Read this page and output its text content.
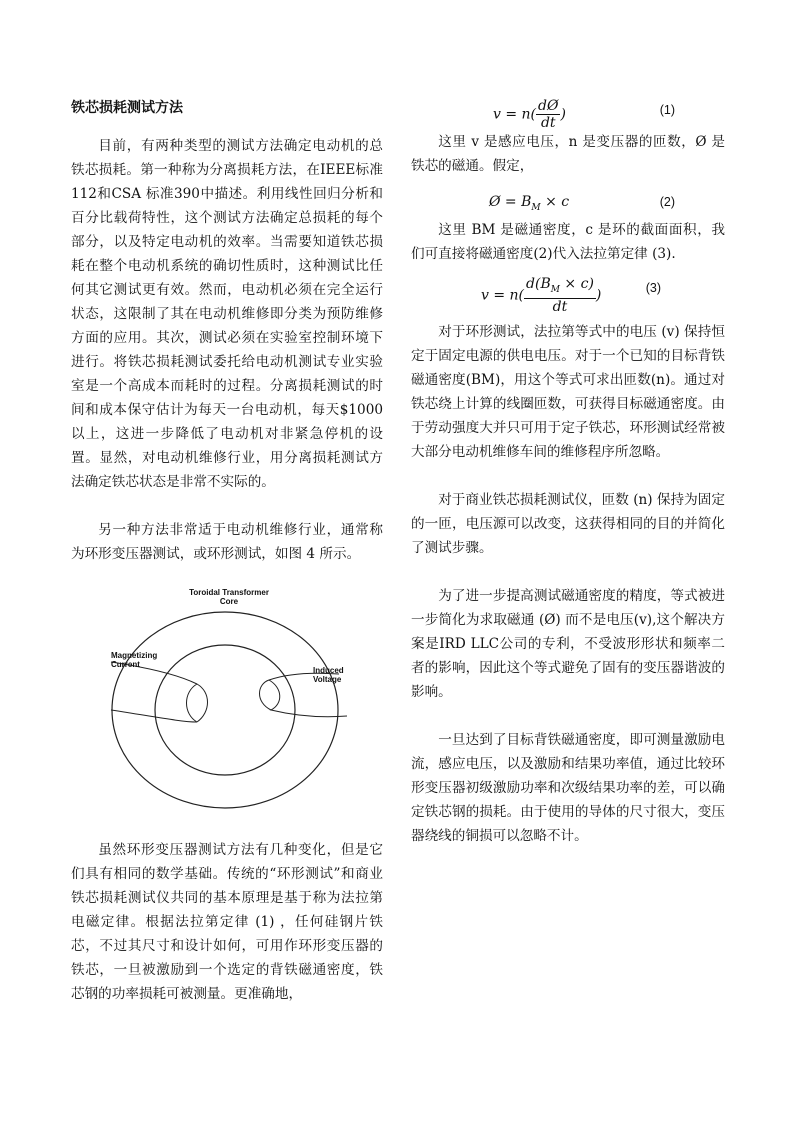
铁芯损耗测试方法

目前，有两种类型的测试方法确定电动机的总铁芯损耗。第一种称为分离损耗方法，在IEEE标准112和CSA 标准390中描述。利用线性回归分析和百分比载荷特性，这个测试方法确定总损耗的每个部分，以及特定电动机的效率。当需要知道铁芯损耗在整个电动机系统的确切性质时，这种测试比任何其它测试更有效。然而，电动机必须在完全运行状态，这限制了其在电动机维修即分类为预防维修方面的应用。其次，测试必须在实验室控制环境下进行。将铁芯损耗测试委托给电动机测试专业实验室是一个高成本而耗时的过程。分离损耗测试的时间和成本保守估计为每天一台电动机，每天$1000以上，这进一步降低了电动机对非紧急停机的设置。显然，对电动机维修行业，用分离损耗测试方法确定铁芯状态是非常不实际的。

另一种方法非常适于电动机维修行业，通常称为环形变压器测试，或环形测试，如图 4 所示。

Toroidal Transformer
Core
Magnetizing
Current
Induced
Voltage

虽然环形变压器测试方法有几种变化，但是它们具有相同的数学基础。传统的“环形测试”和商业铁芯损耗测试仪共同的基本原理是基于称为法拉第电磁定律。根据法拉第定律 (1) ，任何硅钢片铁芯，不过其尺寸和设计如何，可用作环形变压器的铁芯，一旦被激励到一个选定的背铁磁通密度，铁芯钢的功率损耗可被测量。更准确地，

$v = n( \frac{dØ}{dt}$ )	(1)

这里 v 是感应电压，n 是变压器的匝数，Ø 是铁芯的磁通。假定，

Ø = $B_M \times c$	(2)

这里 BM 是磁通密度，c 是环的截面面积，我们可直接将磁通密度(2)代入法拉第定律 (3).

$v = n( \frac{d(B_M \times c)}{dt}$ )	(3)

对于环形测试，法拉第等式中的电压 (v) 保持恒定于固定电源的供电电压。对于一个已知的目标背铁磁通密度(BM)，用这个等式可求出匝数(n)。通过对铁芯绕上计算的线圈匝数，可获得目标磁通密度。由于劳动强度大并只可用于定子铁芯，环形测试经常被大部分电动机维修车间的维修程序所忽略。

对于商业铁芯损耗测试仪，匝数 (n) 保持为固定的一匝，电压源可以改变，这获得相同的目的并简化了测试步骤。

为了进一步提高测试磁通密度的精度，等式被进一步简化为求取磁通 (Ø) 而不是电压(v),这个解决方案是IRD LLC公司的专利，不受波形形状和频率二者的影响，因此这个等式避免了固有的变压器谐波的影响。

一旦达到了目标背铁磁通密度，即可测量激励电流，感应电压，以及激励和结果功率值，通过比较环形变压器初级激励功率和次级结果功率的差，可以确定铁芯钢的损耗。由于使用的导体的尺寸很大，变压器绕线的铜损可以忽略不计。
